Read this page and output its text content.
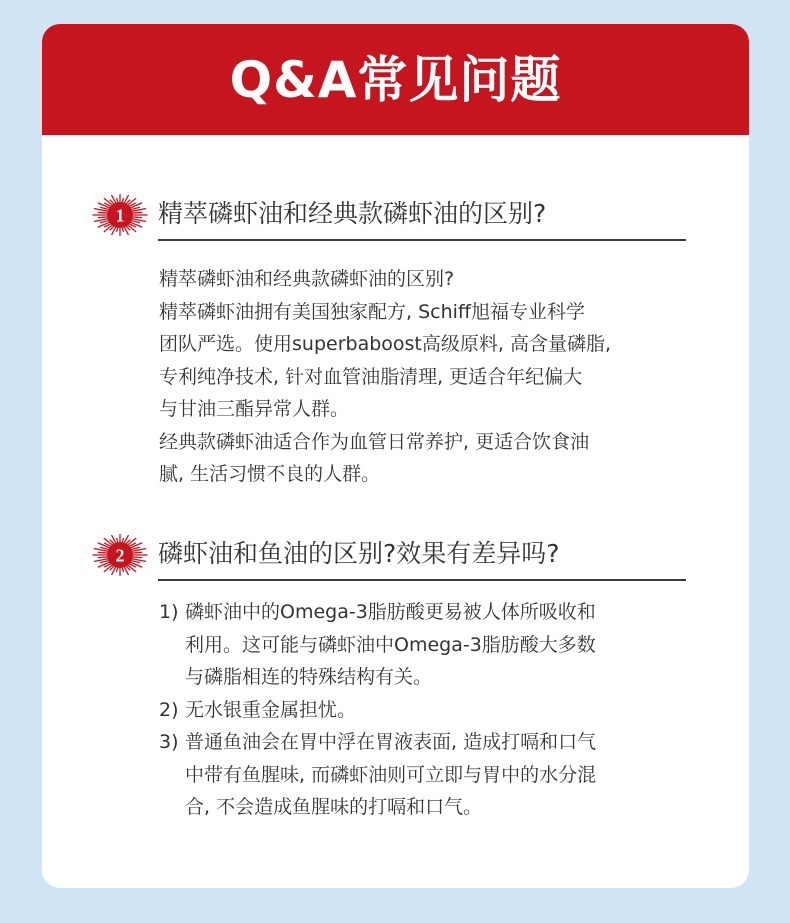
Q&A常见问题
1 精萃磷虾油和经典款磷虾油的区别?

精萃磷虾油和经典款磷虾油的区别?

精萃磷虾油拥有美国独家配方, Schiff旭福专业科学

团队严选。使用superbaboost高级原料, 高含量磷脂,

专利纯净技术, 针对血管油脂清理, 更适合年纪偏大

与甘油三酯异常人群。

经典款磷虾油适合作为血管日常养护, 更适合饮食油

腻, 生活习惯不良的人群。

2 磷虾油和鱼油的区别?效果有差异吗?
1) 磷虾油中的Omega-3脂肪酸更易被人体所吸收和

利用。这可能与磷虾油中Omega-3脂肪酸大多数

与磷脂相连的特殊结构有关。

2) 无水银重金属担忧。

3) 普通鱼油会在胃中浮在胃液表面, 造成打嗝和口气

中带有鱼腥味, 而磷虾油则可立即与胃中的水分混

合, 不会造成鱼腥味的打嗝和口气。
